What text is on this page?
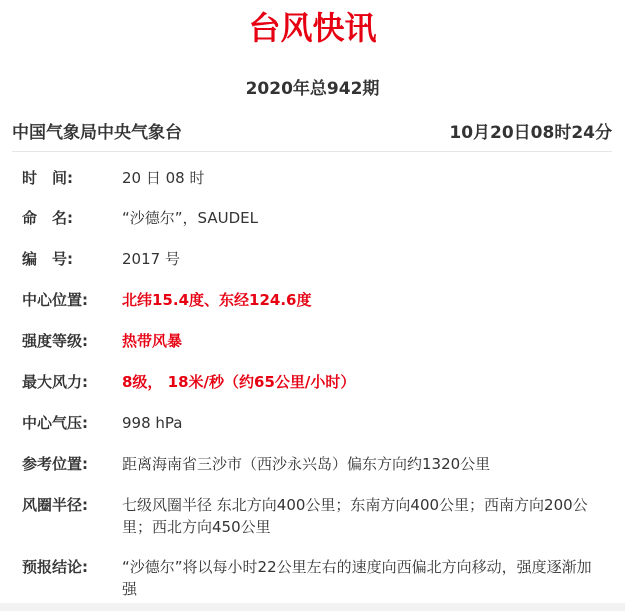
台风快讯
2020年总942期
中国气象局中央气象台	10月20日08时24分
时　间:	20 日 08 时
命　名:	“沙德尔”，SAUDEL
编　号:	2017 号
中心位置:	北纬15.4度、东经124.6度
强度等级:	热带风暴
最大风力:	8级， 18米/秒（约65公里/小时）
中心气压:	998 hPa
参考位置:	距离海南省三沙市（西沙永兴岛）偏东方向约1320公里
风圈半径:	七级风圈半径 东北方向400公里；东南方向400公里；西南方向200公里；西北方向450公里
预报结论:	“沙德尔”将以每小时22公里左右的速度向西偏北方向移动，强度逐渐加强
